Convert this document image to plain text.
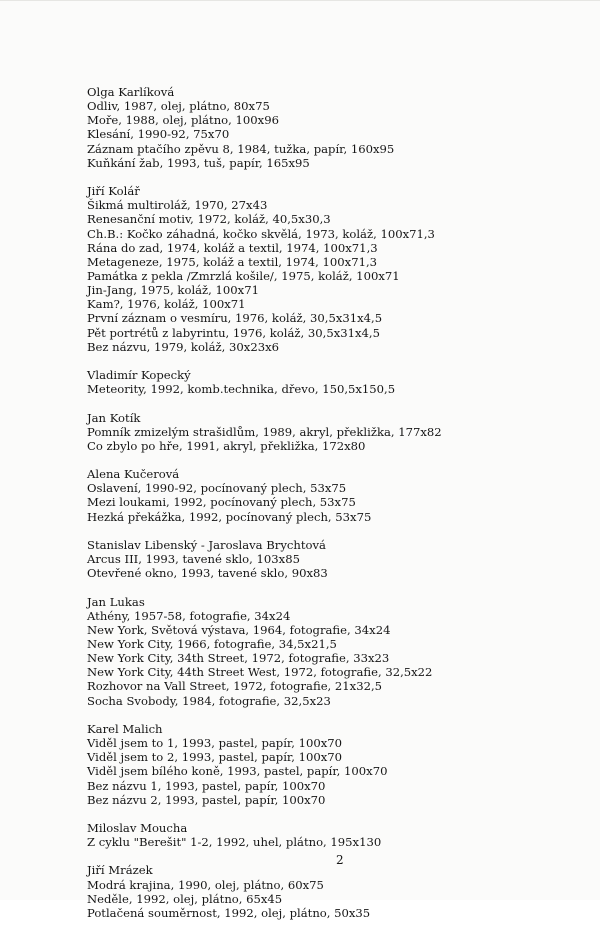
Olga Karlíková
Odliv, 1987, olej, plátno, 80x75
Moře, 1988, olej, plátno, 100x96
Klesání, 1990-92, 75x70
Záznam ptačího zpěvu 8, 1984, tužka, papír, 160x95
Kuňkání žab, 1993, tuš, papír, 165x95
Jiří Kolář
Šikmá multiroláž, 1970, 27x43
Renesanční motiv, 1972, koláž, 40,5x30,3
Ch.B.: Kočko záhadná, kočko skvělá, 1973, koláž, 100x71,3
Rána do zad, 1974, koláž a textil, 1974, 100x71,3
Metageneze, 1975, koláž a textil, 1974, 100x71,3
Památka z pekla /Zmrzlá košile/, 1975, koláž, 100x71
Jin-Jang, 1975, koláž, 100x71
Kam?, 1976, koláž, 100x71
První záznam o vesmíru, 1976, koláž, 30,5x31x4,5
Pět portrétů z labyrintu, 1976, koláž, 30,5x31x4,5
Bez názvu, 1979, koláž, 30x23x6
Vladimír Kopecký
Meteority, 1992, komb.technika, dřevo, 150,5x150,5
Jan Kotík
Pomník zmizelým strašidlům, 1989, akryl, překližka, 177x82
Co zbylo po hře, 1991, akryl, překližka, 172x80
Alena Kučerová
Oslavení, 1990-92, pocínovaný plech, 53x75
Mezi loukami, 1992, pocínovaný plech, 53x75
Hezká překážka, 1992, pocínovaný plech, 53x75
Stanislav Libenský - Jaroslava Brychtová
Arcus III, 1993, tavené sklo, 103x85
Otevřené okno, 1993, tavené sklo, 90x83
Jan Lukas
Athény, 1957-58, fotografie, 34x24
New York, Světová výstava, 1964, fotografie, 34x24
New York City, 1966, fotografie, 34,5x21,5
New York City, 34th Street, 1972, fotografie, 33x23
New York City, 44th Street West, 1972, fotografie, 32,5x22
Rozhovor na Vall Street, 1972, fotografie, 21x32,5
Socha Svobody, 1984, fotografie, 32,5x23
Karel Malich
Viděl jsem to 1, 1993, pastel, papír, 100x70
Viděl jsem to 2, 1993, pastel, papír, 100x70
Viděl jsem bílého koně, 1993, pastel, papír, 100x70
Bez názvu 1, 1993, pastel, papír, 100x70
Bez názvu 2, 1993, pastel, papír, 100x70
Miloslav Moucha
Z cyklu "Berešit" 1-2, 1992, uhel, plátno, 195x130
Jiří Mrázek
Modrá krajina, 1990, olej, plátno, 60x75
Neděle, 1992, olej, plátno, 65x45
Potlačená souměrnost, 1992, olej, plátno, 50x35
2
